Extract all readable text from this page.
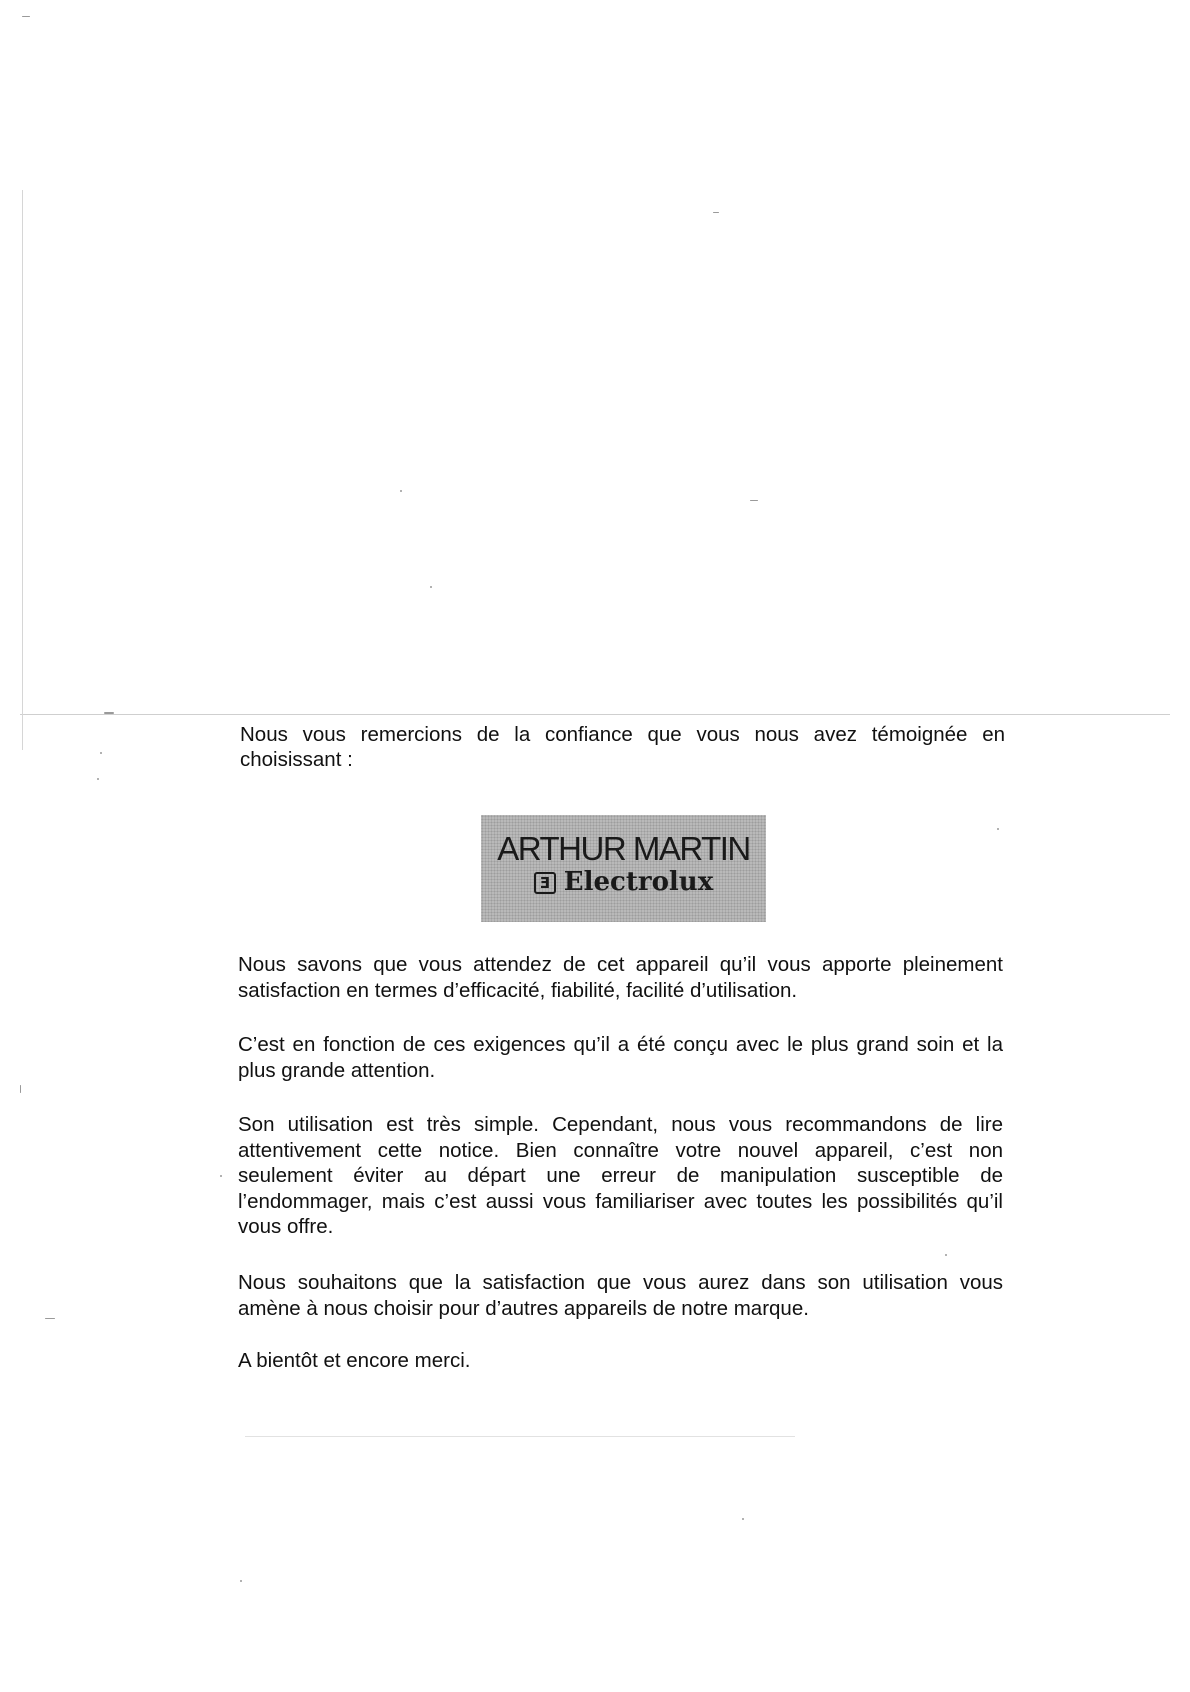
Nous vous remercions de la confiance que vous nous avez témoignée en choisissant :

ARTHUR MARTIN
Ǝ Electrolux

Nous savons que vous attendez de cet appareil qu’il vous apporte pleinement satisfaction en termes d’efficacité, fiabilité, facilité d’utilisation.

C’est en fonction de ces exigences qu’il a été conçu avec le plus grand soin et la plus grande attention.

Son utilisation est très simple. Cependant, nous vous recommandons de lire attentivement cette notice. Bien connaître votre nouvel appareil, c’est non seulement éviter au départ une erreur de manipulation susceptible de l’endommager, mais c’est aussi vous familiariser avec toutes les possibilités qu’il vous offre.

Nous souhaitons que la satisfaction que vous aurez dans son utilisation vous amène à nous choisir pour d’autres appareils de notre marque.

A bientôt et encore merci.
